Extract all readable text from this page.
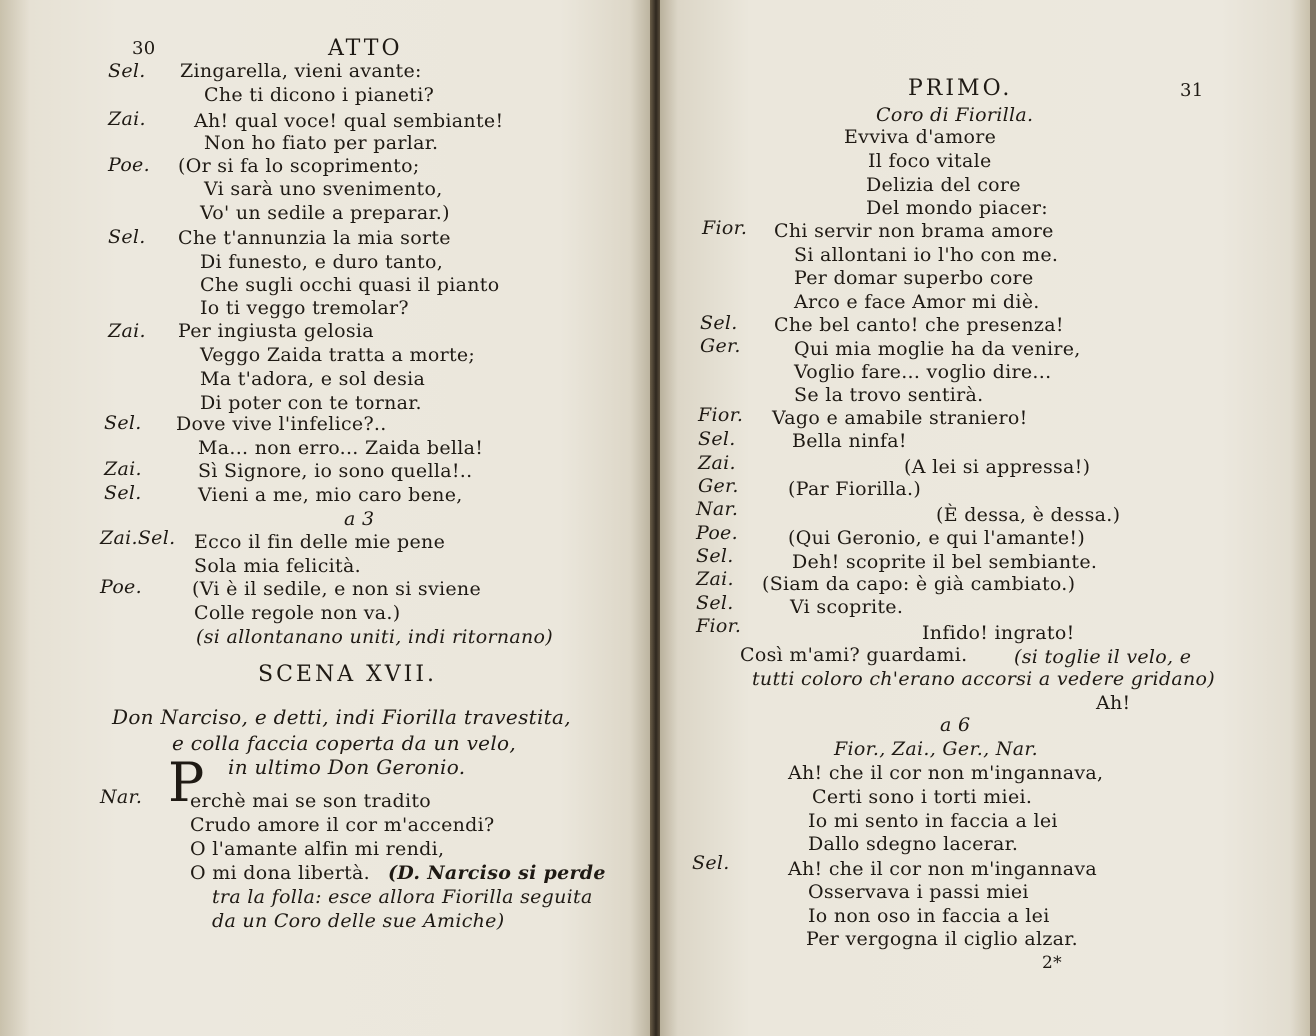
30	ATTO
Sel. Zingarella, vieni avante:
Che ti dicono i pianeti?
Zai.	Ah! qual voce! qual sembiante!
Non ho fiato per parlar.
Poe. (Or si fa lo scoprimento;
Vi sarà uno svenimento,
Vo' un sedile a preparar.)
Sel. Che t'annunzia la mia sorte
Di funesto, e duro tanto,
Che sugli occhi quasi il pianto
Io ti veggo tremolar?
Zai. Per ingiusta gelosia
Veggo Zaida tratta a morte;
Ma t'adora, e sol desia
Di poter con te tornar.
Sel. Dove vive l'infelice?..
Ma... non erro... Zaida bella!
Zai.	Sì Signore, io sono quella!..
Sel.	Vieni a me, mio caro bene,
a 3
Zai.Sel. Ecco il fin delle mie pene
Sola mia felicità.
Poe.	(Vi è il sedile, e non si sviene
Colle regole non va.)
(si allontanano uniti, indi ritornano)
SCENA XVII.
Don Narciso, e detti, indi Fiorilla travestita,
e colla faccia coperta da un velo,
in ultimo Don Geronio.
P
Nar.	erchè mai se son tradito
Crudo amore il cor m'accendi?
O l'amante alfin mi rendi,
O mi dona libertà. (D. Narciso si perde
tra la folla: esce allora Fiorilla seguita
da un Coro delle sue Amiche)
PRIMO.	31
Coro di Fiorilla.
Evviva d'amore
Il foco vitale
Delizia del core
Del mondo piacer:
Fior. Chi servir non brama amore
Si allontani io l'ho con me.
Per domar superbo core
Arco e face Amor mi diè.
Sel. Che bel canto! che presenza!
Ger.	Qui mia moglie ha da venire,
Voglio fare... voglio dire...
Se la trovo sentirà.
Fior. Vago e amabile straniero!
Sel.	Bella ninfa!
Zai.	(A lei si appressa!)
Ger.	(Par Fiorilla.)
Nar.	(È dessa, è dessa.)
Poe.	(Qui Geronio, e qui l'amante!)
Sel.	Deh! scoprite il bel sembiante.
Zai. (Siam da capo: è già cambiato.)
Sel.	Vi scoprite.
Fior.	Infido! ingrato!
Così m'ami? guardami. (si toglie il velo, e
tutti coloro ch'erano accorsi a vedere gridano)
Ah!
a 6
Fior., Zai., Ger., Nar.
Ah! che il cor non m'ingannava,
Certi sono i torti miei.
Io mi sento in faccia a lei
Dallo sdegno lacerar.
Sel.	Ah! che il cor non m'ingannava
Osservava i passi miei
Io non oso in faccia a lei
Per vergogna il ciglio alzar.
2*
